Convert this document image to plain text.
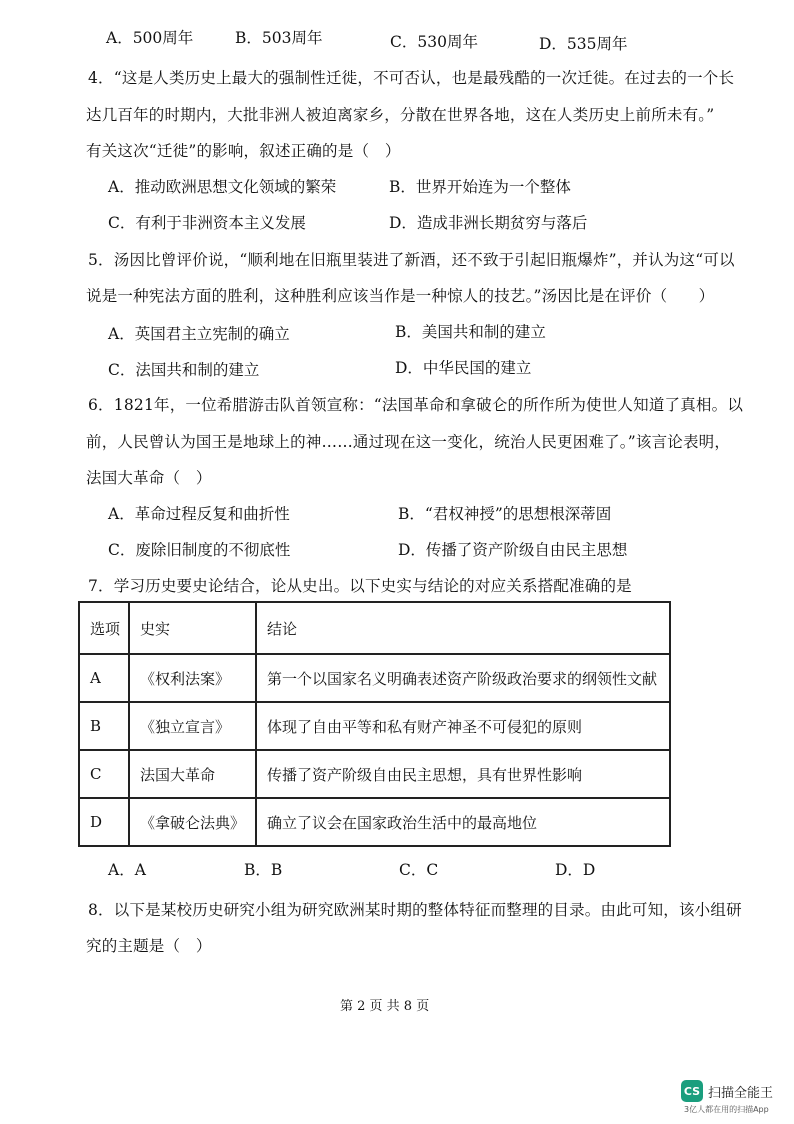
A．500周年	B．503周年	C．530周年	D．535周年
4．“这是人类历史上最大的强制性迁徙，不可否认，也是最残酷的一次迁徙。在过去的一个长
达几百年的时期内，大批非洲人被迫离家乡，分散在世界各地，这在人类历史上前所未有。”
有关这次“迁徙”的影响，叙述正确的是（　）
A．推动欧洲思想文化领域的繁荣	B．世界开始连为一个整体
C．有利于非洲资本主义发展	D．造成非洲长期贫穷与落后
5．汤因比曾评价说，“顺利地在旧瓶里装进了新酒，还不致于引起旧瓶爆炸”，并认为这“可以
说是一种宪法方面的胜利，这种胜利应该当作是一种惊人的技艺。”汤因比是在评价（　　）
A．英国君主立宪制的确立	B．美国共和制的建立
C．法国共和制的建立	D．中华民国的建立
6．1821年，一位希腊游击队首领宣称：“法国革命和拿破仑的所作所为使世人知道了真相。以
前，人民曾认为国王是地球上的神……通过现在这一变化，统治人民更困难了。”该言论表明，
法国大革命（　）
A．革命过程反复和曲折性	B．“君权神授”的思想根深蒂固
C．废除旧制度的不彻底性	D．传播了资产阶级自由民主思想
7．学习历史要史论结合，论从史出。以下史实与结论的对应关系搭配准确的是
选项	史实	结论
A	《权利法案》	第一个以国家名义明确表述资产阶级政治要求的纲领性文献
B	《独立宣言》	体现了自由平等和私有财产神圣不可侵犯的原则
C	法国大革命	传播了资产阶级自由民主思想，具有世界性影响
D	《拿破仑法典》	确立了议会在国家政治生活中的最高地位
A．A	B．B	C．C	D．D
8．以下是某校历史研究小组为研究欧洲某时期的整体特征而整理的目录。由此可知，该小组研
究的主题是（　）
第 2 页 共 8 页
CS 扫描全能王
3亿人都在用的扫描App
